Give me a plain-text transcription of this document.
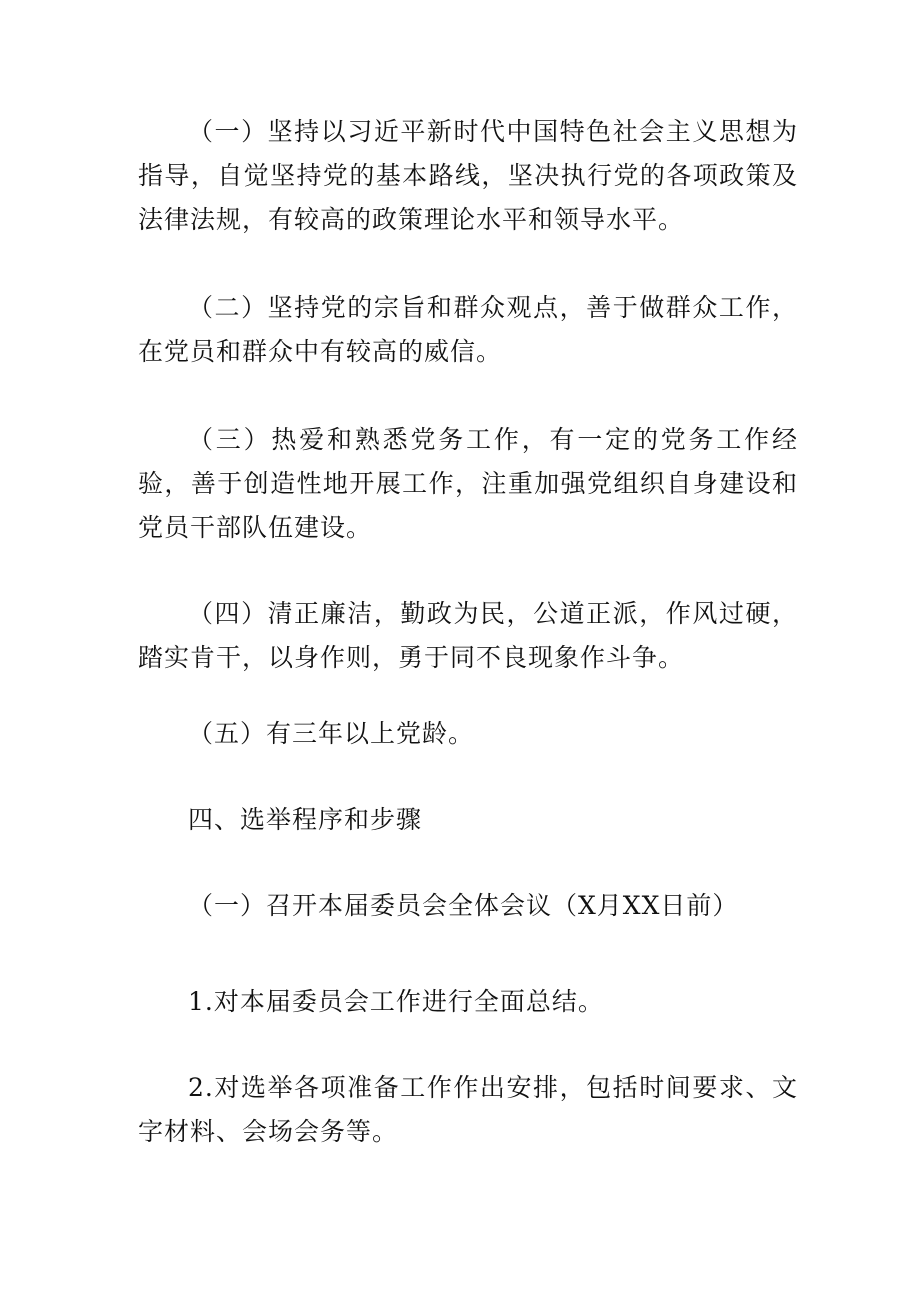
（一）坚持以习近平新时代中国特色社会主义思想为指导，自觉坚持党的基本路线，坚决执行党的各项政策及法律法规，有较高的政策理论水平和领导水平。

（二）坚持党的宗旨和群众观点，善于做群众工作，在党员和群众中有较高的威信。

（三）热爱和熟悉党务工作，有一定的党务工作经验，善于创造性地开展工作，注重加强党组织自身建设和党员干部队伍建设。

（四）清正廉洁，勤政为民，公道正派，作风过硬，踏实肯干，以身作则，勇于同不良现象作斗争。

（五）有三年以上党龄。

四、选举程序和步骤

（一）召开本届委员会全体会议（X月XX日前）

1.对本届委员会工作进行全面总结。

2.对选举各项准备工作作出安排，包括时间要求、文字材料、会场会务等。
